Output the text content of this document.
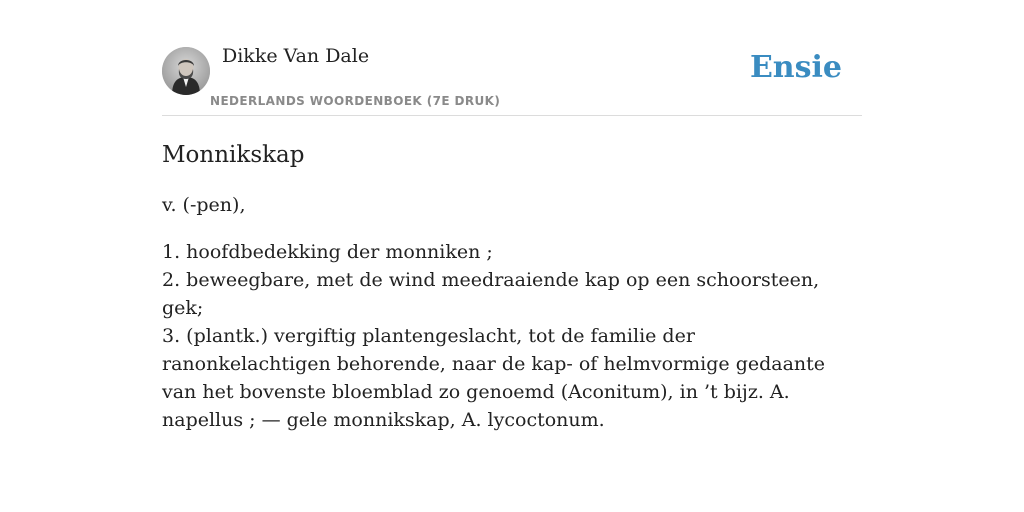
Dikke Van Dale
NEDERLANDS WOORDENBOEK (7E DRUK)
Ensie
Monnikskap

v. (-pen),

1. hoofdbedekking der monniken ;

2. beweegbare, met de wind meedraaiende kap op een schoorsteen, gek;

3. (plantk.) vergiftig plantengeslacht, tot de familie der ranonkelachtigen behorende, naar de kap- of helmvormige gedaante van het bovenste bloemblad zo genoemd (Aconitum), in ’t bijz. A. napellus ; — gele monnikskap, A. lycoctonum.
